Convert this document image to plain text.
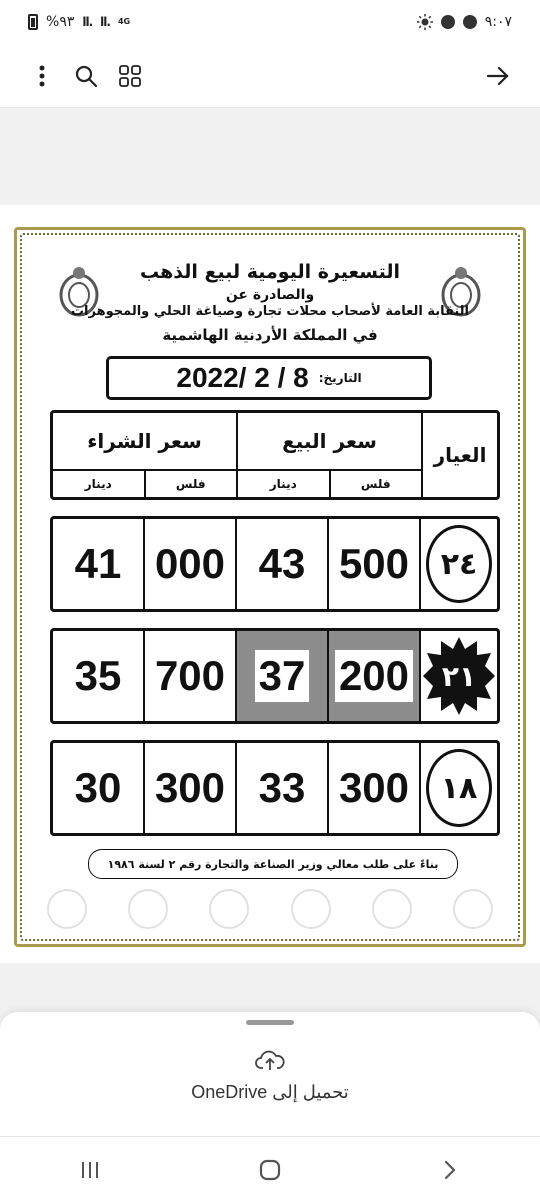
%٩٣ ll. ll. 4G	٩:٠٧
التسعيرة اليومية لبيع الذهب
والصادرة عن
النقابة العامة لأصحاب محلات تجارة وصياغة الحلي والمجوهرات
في المملكة الأردنية الهاشمية
2022/ 2 / 8 التاريخ:
العيار
سعر البيع
فلس
دينار
سعر الشراء
فلس
دينار
٢٤
500
43
000
41
٢١
200
37
700
35
١٨
300
33
300
30
بناءً على طلب معالي وزير الصناعة والتجارة رقم ٢ لسنة ١٩٨٦
تحميل إلى OneDrive
